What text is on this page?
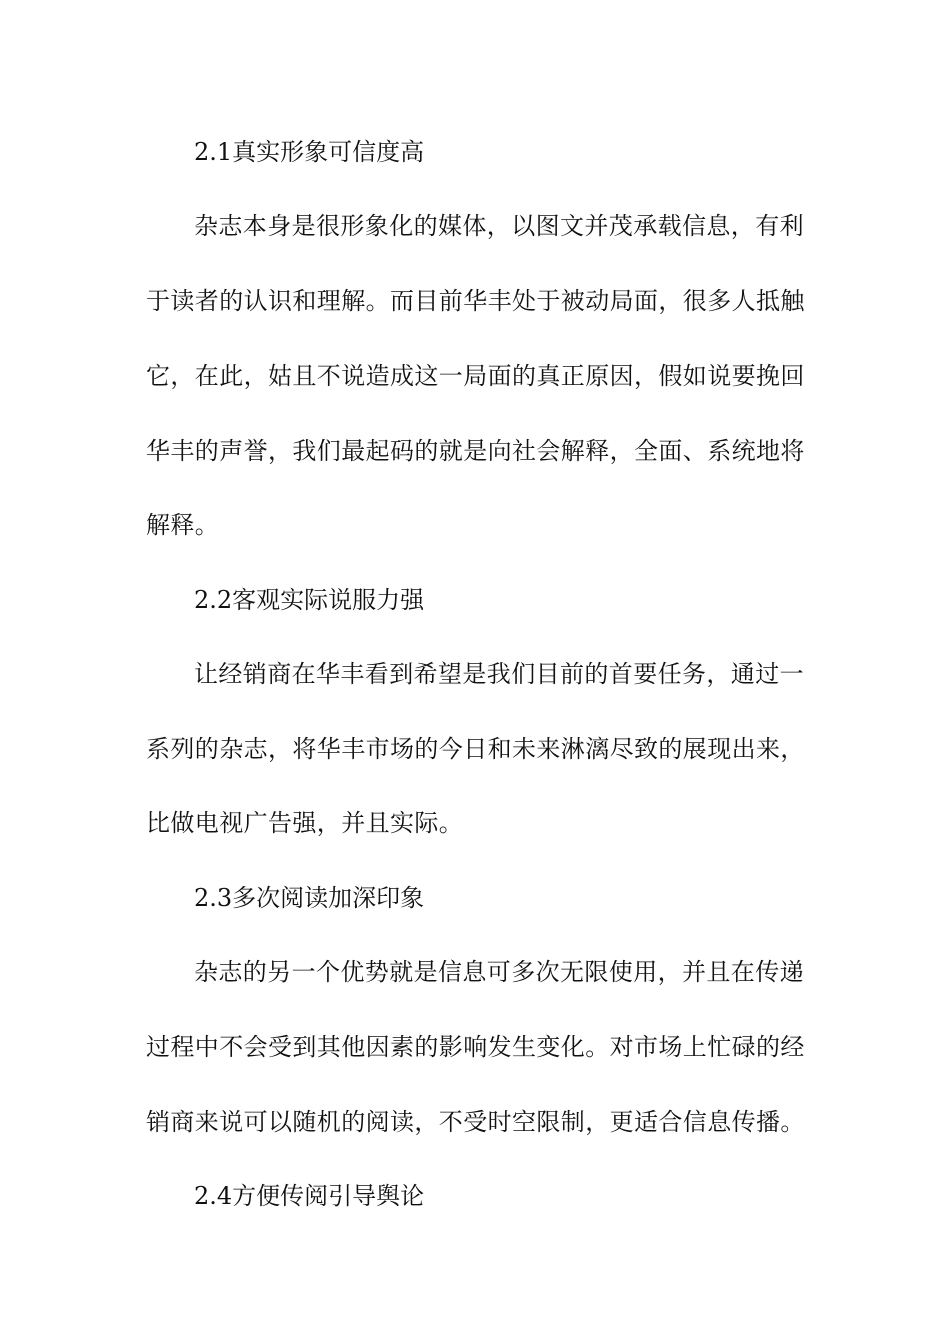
2.1真实形象可信度高
杂志本身是很形象化的媒体，以图文并茂承载信息，有利
于读者的认识和理解。而目前华丰处于被动局面，很多人抵触
它，在此，姑且不说造成这一局面的真正原因，假如说要挽回
华丰的声誉，我们最起码的就是向社会解释，全面、系统地将
解释。
2.2客观实际说服力强
让经销商在华丰看到希望是我们目前的首要任务，通过一
系列的杂志，将华丰市场的今日和未来淋漓尽致的展现出来，
比做电视广告强，并且实际。
2.3多次阅读加深印象
杂志的另一个优势就是信息可多次无限使用，并且在传递
过程中不会受到其他因素的影响发生变化。对市场上忙碌的经
销商来说可以随机的阅读，不受时空限制，更适合信息传播。
2.4方便传阅引导舆论
